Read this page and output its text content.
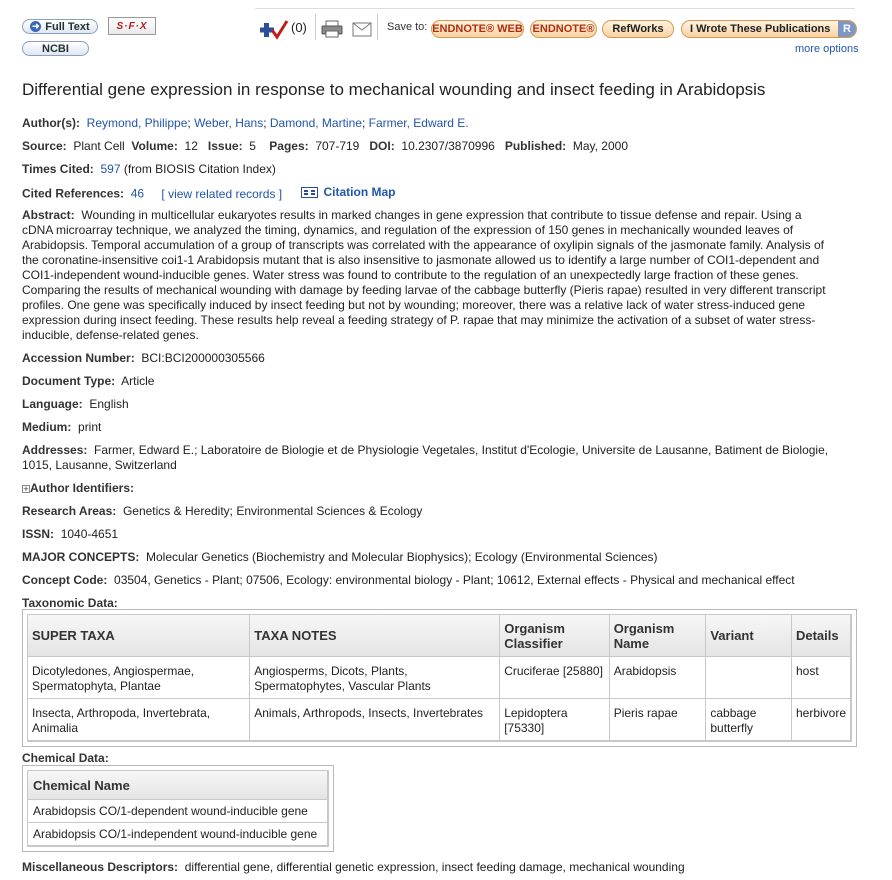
➜ Full Text	S·F·X
NCBI
(0)	Save to: ENDNOTE® WEB ENDNOTE® RefWorks I Wrote These Publications	R
more options
Differential gene expression in response to mechanical wounding and insect feeding in Arabidopsis
Author(s): Reymond, Philippe; Weber, Hans; Damond, Martine; Farmer, Edward E.
Source: Plant Cell Volume: 12 Issue: 5 Pages: 707-719 DOI: 10.2307/3870996 Published: May, 2000
Times Cited: 597 (from BIOSIS Citation Index)
Cited References: 46 [ view related records ]	Citation Map
Abstract: Wounding in multicellular eukaryotes results in marked changes in gene expression that contribute to tissue defense and repair. Using a
cDNA microarray technique, we analyzed the timing, dynamics, and regulation of the expression of 150 genes in mechanically wounded leaves of
Arabidopsis. Temporal accumulation of a group of transcripts was correlated with the appearance of oxylipin signals of the jasmonate family. Analysis of
the coronatine-insensitive coi1-1 Arabidopsis mutant that is also insensitive to jasmonate allowed us to identify a large number of COI1-dependent and
COI1-independent wound-inducible genes. Water stress was found to contribute to the regulation of an unexpectedly large fraction of these genes.
Comparing the results of mechanical wounding with damage by feeding larvae of the cabbage butterfly (Pieris rapae) resulted in very different transcript
profiles. One gene was specifically induced by insect feeding but not by wounding; moreover, there was a relative lack of water stress-induced gene
expression during insect feeding. These results help reveal a feeding strategy of P. rapae that may minimize the activation of a subset of water stress-
inducible, defense-related genes.
Accession Number: BCI:BCI200000305566
Document Type: Article
Language: English
Medium: print
Addresses: Farmer, Edward E.; Laboratoire de Biologie et de Physiologie Vegetales, Institut d'Ecologie, Universite de Lausanne, Batiment de Biologie,
1015, Lausanne, Switzerland
+Author Identifiers:
Research Areas: Genetics & Heredity; Environmental Sciences & Ecology
ISSN: 1040-4651
MAJOR CONCEPTS: Molecular Genetics (Biochemistry and Molecular Biophysics); Ecology (Environmental Sciences)
Concept Code: 03504, Genetics - Plant; 07506, Ecology: environmental biology - Plant; 10612, External effects - Physical and mechanical effect
Taxonomic Data:
SUPER TAXA	TAXA NOTES	Organism Classifier	Organism Name	Variant	Details
Dicotyledones, Angiospermae, Spermatophyta, Plantae	Angiosperms, Dicots, Plants, Spermatophytes, Vascular Plants	Cruciferae [25880]	Arabidopsis		host
Insecta, Arthropoda, Invertebrata, Animalia	Animals, Arthropods, Insects, Invertebrates	Lepidoptera [75330]	Pieris rapae	cabbage butterfly	herbivore
Chemical Data:
Chemical Name
Arabidopsis CO/1-dependent wound-inducible gene
Arabidopsis CO/1-independent wound-inducible gene
Miscellaneous Descriptors: differential gene, differential genetic expression, insect feeding damage, mechanical wounding
